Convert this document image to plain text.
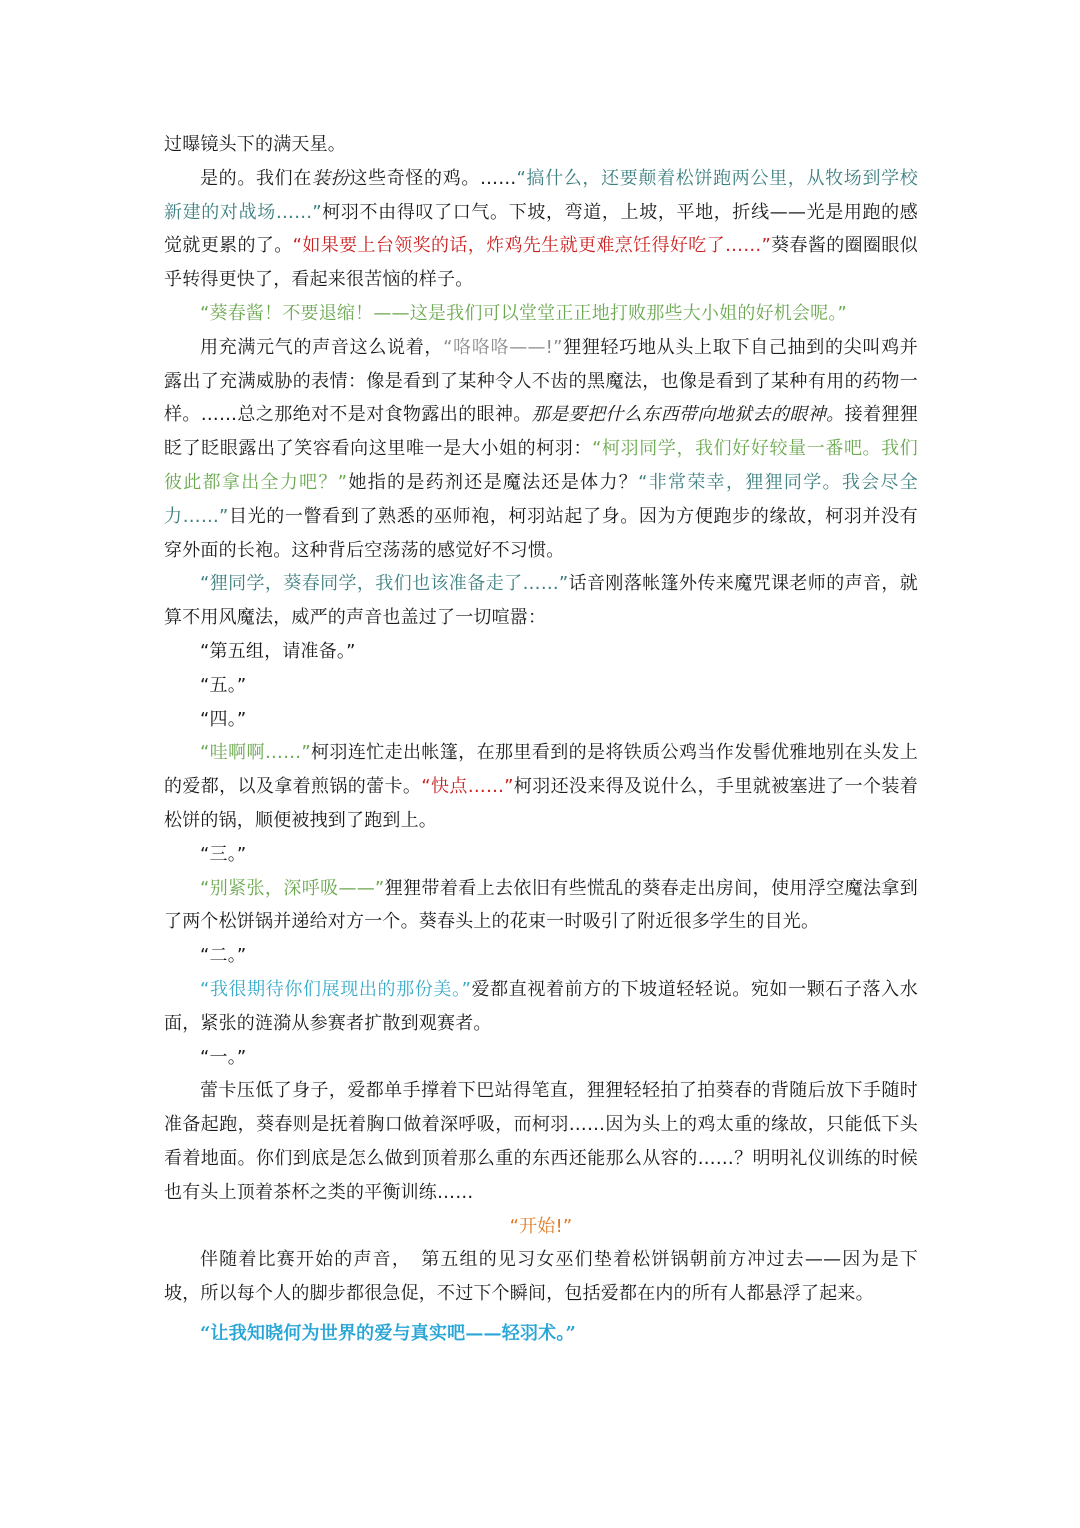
过曝镜头下的满天星。

是的。我们在装扮这些奇怪的鸡。……“搞什么，还要颠着松饼跑两公里，从牧场到学校新建的对战场……”柯羽不由得叹了口气。下坡，弯道，上坡，平地，折线——光是用跑的感觉就更累的了。“如果要上台领奖的话，炸鸡先生就更难烹饪得好吃了……”葵春酱的圈圈眼似乎转得更快了，看起来很苦恼的样子。

“葵春酱！不要退缩！——这是我们可以堂堂正正地打败那些大小姐的好机会呢。”

用充满元气的声音这么说着，“咯咯咯——!”狸狸轻巧地从头上取下自己抽到的尖叫鸡并露出了充满威胁的表情：像是看到了某种令人不齿的黑魔法，也像是看到了某种有用的药物一样。……总之那绝对不是对食物露出的眼神。那是要把什么东西带向地狱去的眼神。接着狸狸眨了眨眼露出了笑容看向这里唯一是大小姐的柯羽：“柯羽同学，我们好好较量一番吧。我们彼此都拿出全力吧？”她指的是药剂还是魔法还是体力？“非常荣幸，狸狸同学。我会尽全力……”目光的一瞥看到了熟悉的巫师袍，柯羽站起了身。因为方便跑步的缘故，柯羽并没有穿外面的长袍。这种背后空荡荡的感觉好不习惯。

“狸同学，葵春同学，我们也该准备走了……”话音刚落帐篷外传来魔咒课老师的声音，就算不用风魔法，威严的声音也盖过了一切喧嚣：

“第五组，请准备。”

“五。”

“四。”

“哇啊啊……”柯羽连忙走出帐篷，在那里看到的是将铁质公鸡当作发髻优雅地别在头发上的爱都，以及拿着煎锅的蕾卡。“快点……”柯羽还没来得及说什么，手里就被塞进了一个装着松饼的锅，顺便被拽到了跑到上。

“三。”

“别紧张，深呼吸——”狸狸带着看上去依旧有些慌乱的葵春走出房间，使用浮空魔法拿到了两个松饼锅并递给对方一个。葵春头上的花束一时吸引了附近很多学生的目光。

“二。”

“我很期待你们展现出的那份美。”爱都直视着前方的下坡道轻轻说。宛如一颗石子落入水面，紧张的涟漪从参赛者扩散到观赛者。

“一。”

蕾卡压低了身子，爱都单手撑着下巴站得笔直，狸狸轻轻拍了拍葵春的背随后放下手随时准备起跑，葵春则是抚着胸口做着深呼吸，而柯羽……因为头上的鸡太重的缘故，只能低下头看着地面。你们到底是怎么做到顶着那么重的东西还能那么从容的……？明明礼仪训练的时候也有头上顶着茶杯之类的平衡训练……

“开始!”

伴随着比赛开始的声音，　第五组的见习女巫们垫着松饼锅朝前方冲过去——因为是下坡，所以每个人的脚步都很急促，不过下个瞬间，包括爱都在内的所有人都悬浮了起来。

“让我知晓何为世界的爱与真实吧——轻羽术。”
